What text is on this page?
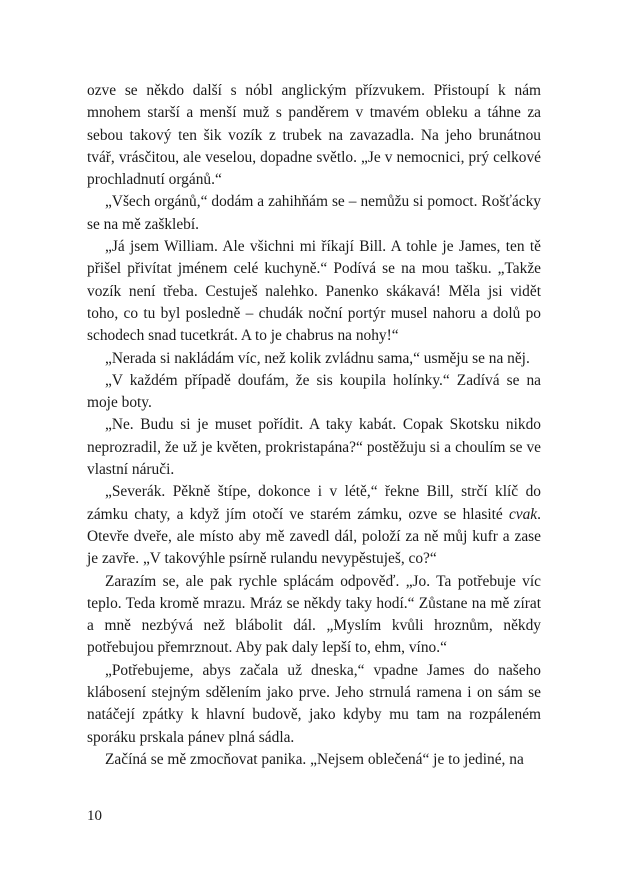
ozve se někdo další s nóbl anglickým přízvukem. Přistoupí k nám mnohem starší a menší muž s panděrem v tmavém obleku a táhne za sebou takový ten šik vozík z trubek na zavazadla. Na jeho brunátnou tvář, vrásčitou, ale veselou, dopadne světlo. „Je v nemocnici, prý celkové prochladnutí orgánů.“

„Všech orgánů,“ dodám a zahihňám se – nemůžu si pomoct. Rošťácky se na mě zašklebí.

„Já jsem William. Ale všichni mi říkají Bill. A tohle je James, ten tě přišel přivítat jménem celé kuchyně.“ Podívá se na mou tašku. „Takže vozík není třeba. Cestuješ nalehko. Panenko skákavá! Měla jsi vidět toho, co tu byl posledně – chudák noční portýr musel nahoru a dolů po schodech snad tucetkrát. A to je chabrus na nohy!“

„Nerada si nakládám víc, než kolik zvládnu sama,“ usměju se na něj.

„V každém případě doufám, že sis koupila holínky.“ Zadívá se na moje boty.

„Ne. Budu si je muset pořídit. A taky kabát. Copak Skotsku nikdo neprozradil, že už je květen, prokristapána?“ postěžuju si a choulím se ve vlastní náruči.

„Severák. Pěkně štípe, dokonce i v létě,“ řekne Bill, strčí klíč do zámku chaty, a když jím otočí ve starém zámku, ozve se hlasité cvak. Otevře dveře, ale místo aby mě zavedl dál, položí za ně můj kufr a zase je zavře. „V takovýhle psírně rulandu nevypěstuješ, co?“

Zarazím se, ale pak rychle splácám odpověď. „Jo. Ta potřebuje víc teplo. Teda kromě mrazu. Mráz se někdy taky hodí.“ Zůstane na mě zírat a mně nezbývá než blábolit dál. „Myslím kvůli hroznům, někdy potřebujou přemrznout. Aby pak daly lepší to, ehm, víno.“

„Potřebujeme, abys začala už dneska,“ vpadne James do našeho klábosení stejným sdělením jako prve. Jeho strnulá ramena i on sám se natáčejí zpátky k hlavní budově, jako kdyby mu tam na rozpáleném sporáku prskala pánev plná sádla.

Začíná se mě zmocňovat panika. „Nejsem oblečená“ je to jediné, na

10
